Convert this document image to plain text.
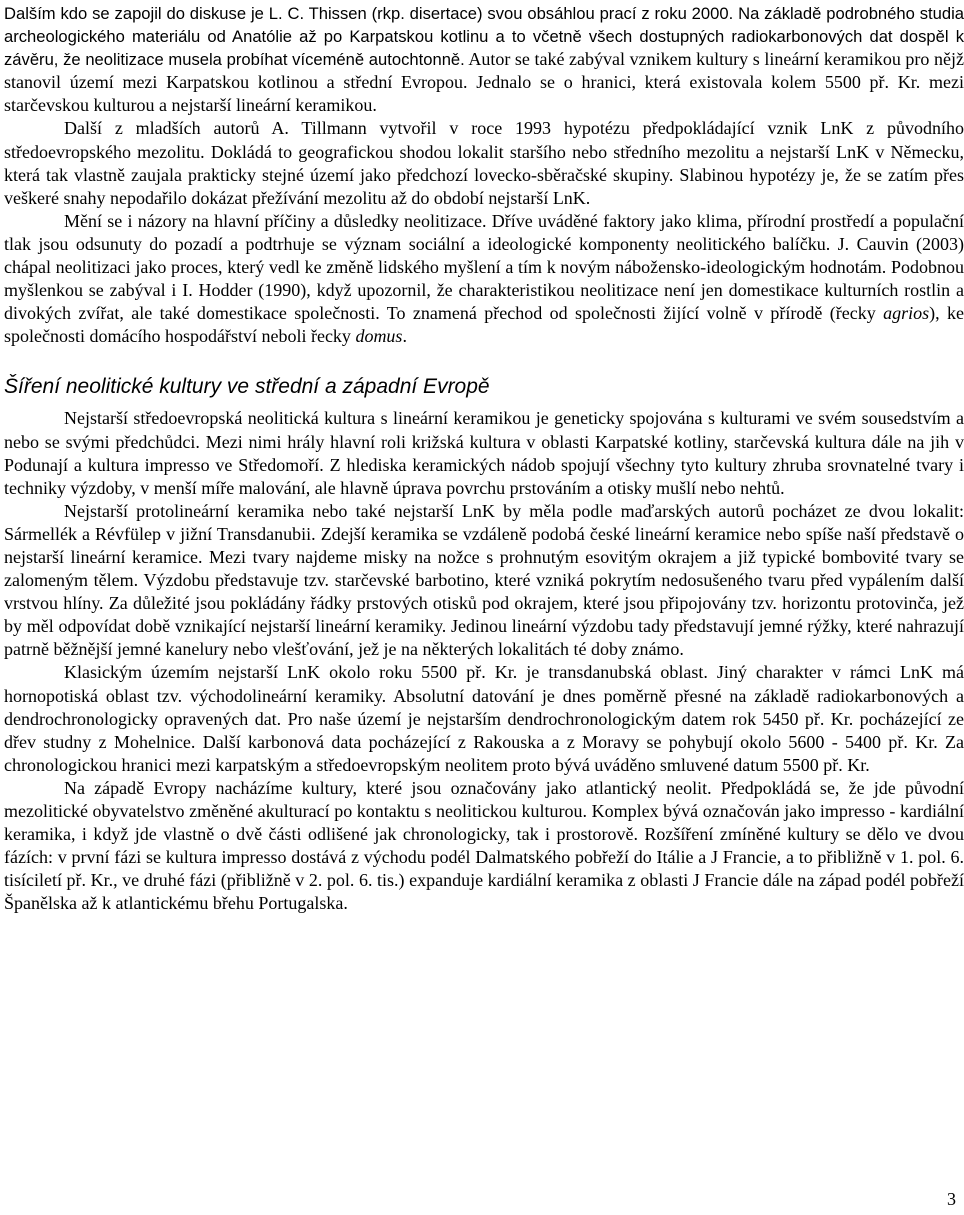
Dalším kdo se zapojil do diskuse je L. C. Thissen (rkp. disertace) svou obsáhlou prací z roku 2000. Na základě podrobného studia archeologického materiálu od Anatólie až po Karpatskou kotlinu a to včetně všech dostupných radiokarbonových dat dospěl k závěru, že neolitizace musela probíhat víceméně autochtonně. Autor se také zabýval vznikem kultury s lineární keramikou pro nějž stanovil území mezi Karpatskou kotlinou a střední Evropou. Jednalo se o hranici, která existovala kolem 5500 př. Kr. mezi starčevskou kulturou a nejstarší lineární keramikou.

Další z mladších autorů A. Tillmann vytvořil v roce 1993 hypotézu předpokládající vznik LnK z původního středoevropského mezolitu. Dokládá to geografickou shodou lokalit staršího nebo středního mezolitu a nejstarší LnK v Německu, která tak vlastně zaujala prakticky stejné území jako předchozí lovecko-sběračské skupiny. Slabinou hypotézy je, že se zatím přes veškeré snahy nepodařilo dokázat přežívání mezolitu až do období nejstarší LnK.

Mění se i názory na hlavní příčiny a důsledky neolitizace. Dříve uváděné faktory jako klima, přírodní prostředí a populační tlak jsou odsunuty do pozadí a podtrhuje se význam sociální a ideologické komponenty neolitického balíčku. J. Cauvin (2003) chápal neolitizaci jako proces, který vedl ke změně lidského myšlení a tím k novým nábožensko-ideologickým hodnotám. Podobnou myšlenkou se zabýval i I. Hodder (1990), když upozornil, že charakteristikou neolitizace není jen domestikace kulturních rostlin a divokých zvířat, ale také domestikace společnosti. To znamená přechod od společnosti žijící volně v přírodě (řecky agrios), ke společnosti domácího hospodářství neboli řecky domus.

Šíření neolitické kultury ve střední a západní Evropě

Nejstarší středoevropská neolitická kultura s lineární keramikou je geneticky spojována s kulturami ve svém sousedstvím a nebo se svými předchůdci. Mezi nimi hrály hlavní roli križská kultura v oblasti Karpatské kotliny, starčevská kultura dále na jih v Podunají a kultura impresso ve Středomoří. Z hlediska keramických nádob spojují všechny tyto kultury zhruba srovnatelné tvary i techniky výzdoby, v menší míře malování, ale hlavně úprava povrchu prstováním a otisky mušlí nebo nehtů.

Nejstarší protolineární keramika nebo také nejstarší LnK by měla podle maďarských autorů pocházet ze dvou lokalit: Sármellék a Révfülep v jižní Transdanubii. Zdejší keramika se vzdáleně podobá české lineární keramice nebo spíše naší představě o nejstarší lineární keramice. Mezi tvary najdeme misky na nožce s prohnutým esovitým okrajem a již typické bombovité tvary se zalomeným tělem. Výzdobu představuje tzv. starčevské barbotino, které vzniká pokrytím nedosušeného tvaru před vypálením další vrstvou hlíny. Za důležité jsou pokládány řádky prstových otisků pod okrajem, které jsou připojovány tzv. horizontu protovinča, jež by měl odpovídat době vznikající nejstarší lineární keramiky. Jedinou lineární výzdobu tady představují jemné rýžky, které nahrazují patrně běžnější jemné kanelury nebo vlešťování, jež je na některých lokalitách té doby známo.

Klasickým územím nejstarší LnK okolo roku 5500 př. Kr. je transdanubská oblast. Jiný charakter v rámci LnK má hornopotiská oblast tzv. východolineární keramiky. Absolutní datování je dnes poměrně přesné na základě radiokarbonových a dendrochronologicky opravených dat. Pro naše území je nejstarším dendrochronologickým datem rok 5450 př. Kr. pocházející ze dřev studny z Mohelnice. Další karbonová data pocházející z Rakouska a z Moravy se pohybují okolo 5600 - 5400 př. Kr. Za chronologickou hranici mezi karpatským a středoevropským neolitem proto bývá uváděno smluvené datum 5500 př. Kr.

Na západě Evropy nacházíme kultury, které jsou označovány jako atlantický neolit. Předpokládá se, že jde původní mezolitické obyvatelstvo změněné akulturací po kontaktu s neolitickou kulturou. Komplex bývá označován jako impresso - kardiální keramika, i když jde vlastně o dvě části odlišené jak chronologicky, tak i prostorově. Rozšíření zmíněné kultury se dělo ve dvou fázích: v první fázi se kultura impresso dostává z východu podél Dalmatského pobřeží do Itálie a J Francie, a to přibližně v 1. pol. 6. tisíciletí př. Kr., ve druhé fázi (přibližně v 2. pol. 6. tis.) expanduje kardiální keramika z oblasti J Francie dále na západ podél pobřeží Španělska až k atlantickému břehu Portugalska.

3
